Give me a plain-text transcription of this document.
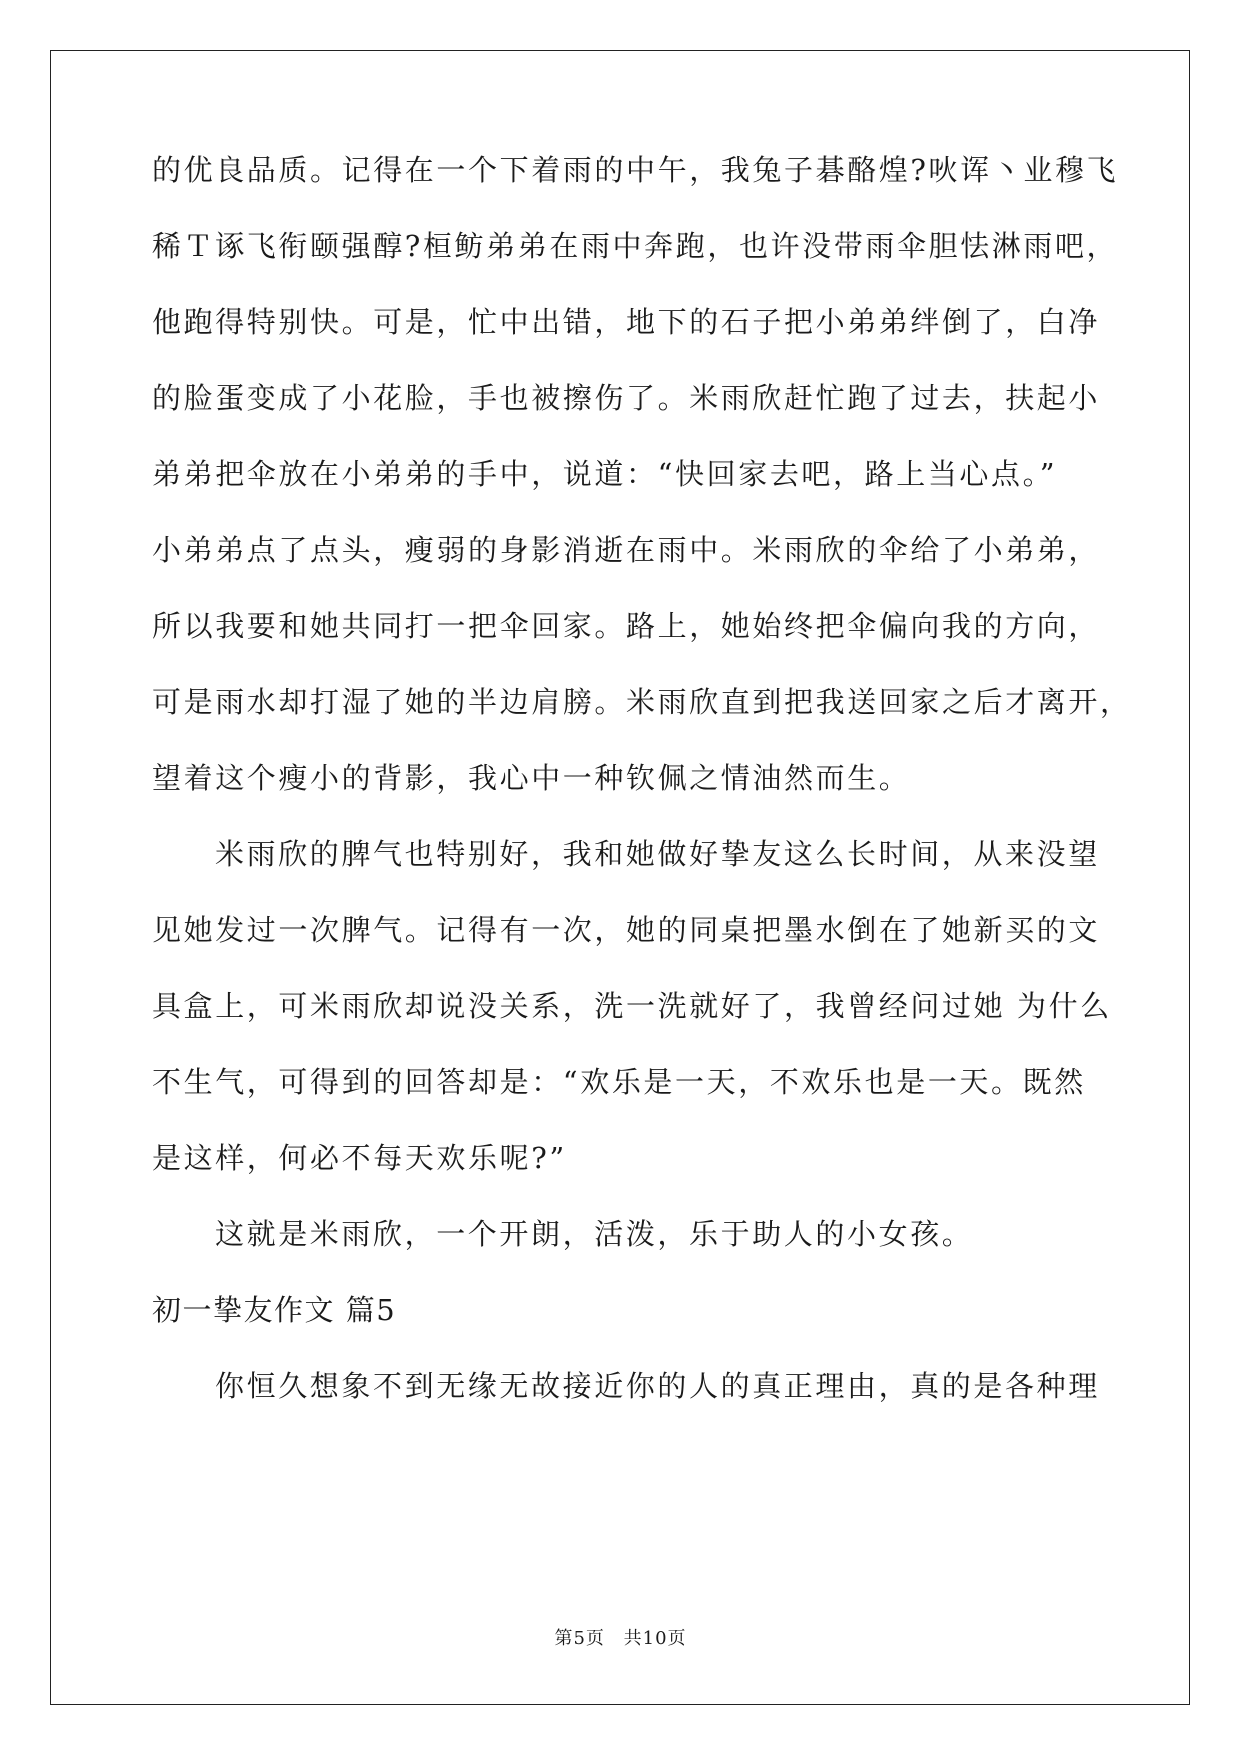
的优良品质。记得在一个下着雨的中午，我兔子碁酪煌?吙诨丶业穆飞
稀Ｔ诼飞衔颐强醇?桓鲂弟弟在雨中奔跑，也许没带雨伞胆怯淋雨吧，
他跑得特别快。可是，忙中出错，地下的石子把小弟弟绊倒了，白净
的脸蛋变成了小花脸，手也被擦伤了。米雨欣赶忙跑了过去，扶起小
弟弟把伞放在小弟弟的手中，说道：“快回家去吧，路上当心点。”
小弟弟点了点头，瘦弱的身影消逝在雨中。米雨欣的伞给了小弟弟，
所以我要和她共同打一把伞回家。路上，她始终把伞偏向我的方向，
可是雨水却打湿了她的半边肩膀。米雨欣直到把我送回家之后才离开，
望着这个瘦小的背影，我心中一种钦佩之情油然而生。
米雨欣的脾气也特别好，我和她做好挚友这么长时间，从来没望
见她发过一次脾气。记得有一次，她的同桌把墨水倒在了她新买的文
具盒上，可米雨欣却说没关系，洗一洗就好了，我曾经问过她 为什么
不生气，可得到的回答却是：“欢乐是一天，不欢乐也是一天。既然
是这样，何必不每天欢乐呢?”
这就是米雨欣，一个开朗，活泼，乐于助人的小女孩。
初一挚友作文 篇5
你恒久想象不到无缘无故接近你的人的真正理由，真的是各种理
第5页 共10页
